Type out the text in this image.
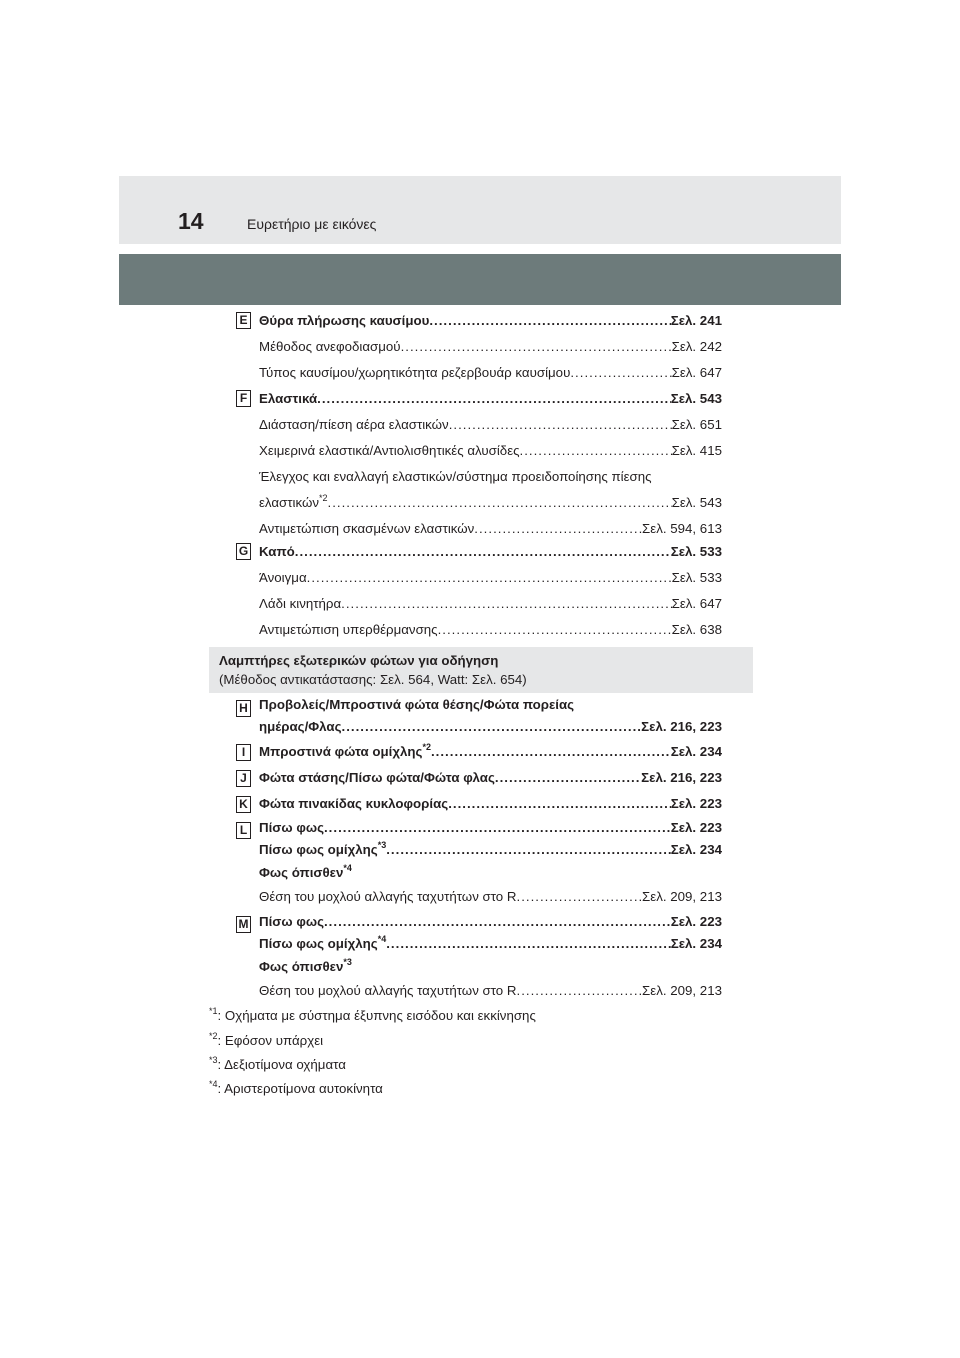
14	Ευρετήριο με εικόνες
E Θύρα πλήρωσης καυσίμου .....	Σελ. 241
Μέθοδος ανεφοδιασμού .....	Σελ. 242
Τύπος καυσίμου/χωρητικότητα ρεζερβουάρ καυσίμου .....	Σελ. 647
F Ελαστικά .....	Σελ. 543
Διάσταση/πίεση αέρα ελαστικών .....	Σελ. 651
Χειμερινά ελαστικά/Αντιολισθητικές αλυσίδες .....	Σελ. 415
Έλεγχος και εναλλαγή ελαστικών/σύστημα προειδοποίησης πίεσης
ελαστικών$^{*2}$ .....	Σελ. 543
Αντιμετώπιση σκασμένων ελαστικών .....	Σελ. 594, 613
G Καπό .....	Σελ. 533
Άνοιγμα .....	Σελ. 533
Λάδι κινητήρα .....	Σελ. 647
Αντιμετώπιση υπερθέρμανσης .....	Σελ. 638
Λαμπτήρες εξωτερικών φώτων για οδήγηση
(Μέθοδος αντικατάστασης: Σελ. 564, Watt: Σελ. 654)
H Προβολείς/Μπροστινά φώτα θέσης/Φώτα πορείας
ημέρας/Φλας .....	Σελ. 216, 223
I	Μπροστινά φώτα ομίχλης$^{*2}$ .....	Σελ. 234
J Φώτα στάσης/Πίσω φώτα/Φώτα φλας .....	Σελ. 216, 223
K Φώτα πινακίδας κυκλοφορίας .....	Σελ. 223
L Πίσω φως .....	Σελ. 223
Πίσω φως ομίχλης$^{*3}$ .....	Σελ. 234
Φως όπισθεν$^{*4}$
Θέση του μοχλού αλλαγής ταχυτήτων στο R .....	Σελ. 209, 213
M Πίσω φως .....	Σελ. 223
Πίσω φως ομίχλης$^{*4}$ .....	Σελ. 234
Φως όπισθεν$^{*3}$
Θέση του μοχλού αλλαγής ταχυτήτων στο R .....	Σελ. 209, 213
$^{*1}$: Οχήματα με σύστημα έξυπνης εισόδου και εκκίνησης
$^{*2}$: Εφόσον υπάρχει
$^{*3}$: Δεξιοτίμονα οχήματα
$^{*4}$: Αριστεροτίμονα αυτοκίνητα
